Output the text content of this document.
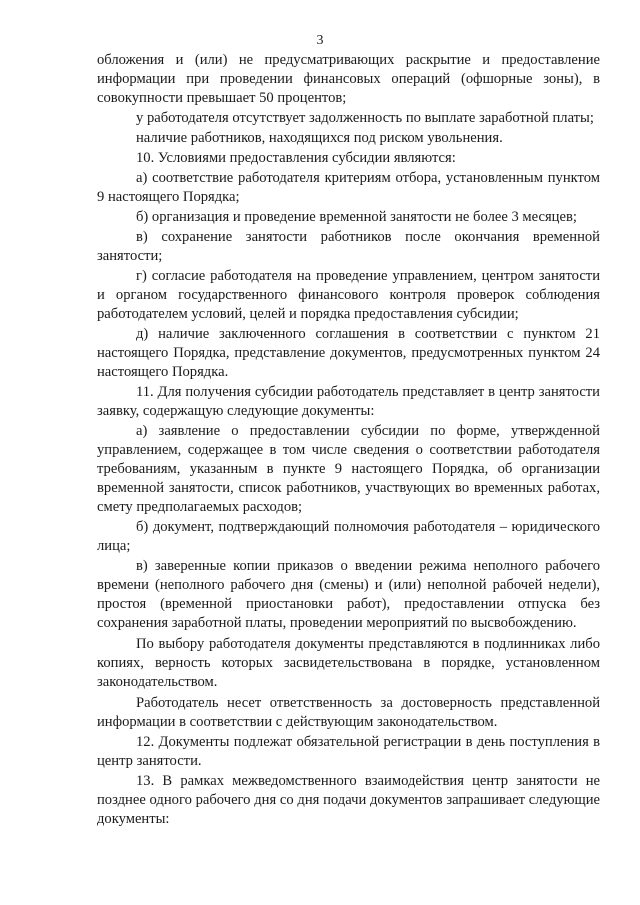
3

обложения и (или) не предусматривающих раскрытие и предоставление информации при проведении финансовых операций (офшорные зоны), в совокупности превышает 50 процентов;

у работодателя отсутствует задолженность по выплате заработной платы;

наличие работников, находящихся под риском увольнения.

10. Условиями предоставления субсидии являются:

а) соответствие работодателя критериям отбора, установленным пунктом 9 настоящего Порядка;

б) организация и проведение временной занятости не более 3 месяцев;

в) сохранение занятости работников после окончания временной занятости;

г) согласие работодателя на проведение управлением, центром занятости и органом государственного финансового контроля проверок соблюдения работодателем условий, целей и порядка предоставления субсидии;

д) наличие заключенного соглашения в соответствии с пунктом 21 настоящего Порядка, представление документов, предусмотренных пунктом 24 настоящего Порядка.

11. Для получения субсидии работодатель представляет в центр занятости заявку, содержащую следующие документы:

а) заявление о предоставлении субсидии по форме, утвержденной управлением, содержащее в том числе сведения о соответствии работодателя требованиям, указанным в пункте 9 настоящего Порядка, об организации временной занятости, список работников, участвующих во временных работах, смету предполагаемых расходов;

б) документ, подтверждающий полномочия работодателя – юридического лица;

в) заверенные копии приказов о введении режима неполного рабочего времени (неполного рабочего дня (смены) и (или) неполной рабочей недели), простоя (временной приостановки работ), предоставлении отпуска без сохранения заработной платы, проведении мероприятий по высвобождению.

По выбору работодателя документы представляются в подлинниках либо копиях, верность которых засвидетельствована в порядке, установленном законодательством.

Работодатель несет ответственность за достоверность представленной информации в соответствии с действующим законодательством.

12. Документы подлежат обязательной регистрации в день поступления в центр занятости.

13. В рамках межведомственного взаимодействия центр занятости не позднее одного рабочего дня со дня подачи документов запрашивает следующие документы:
